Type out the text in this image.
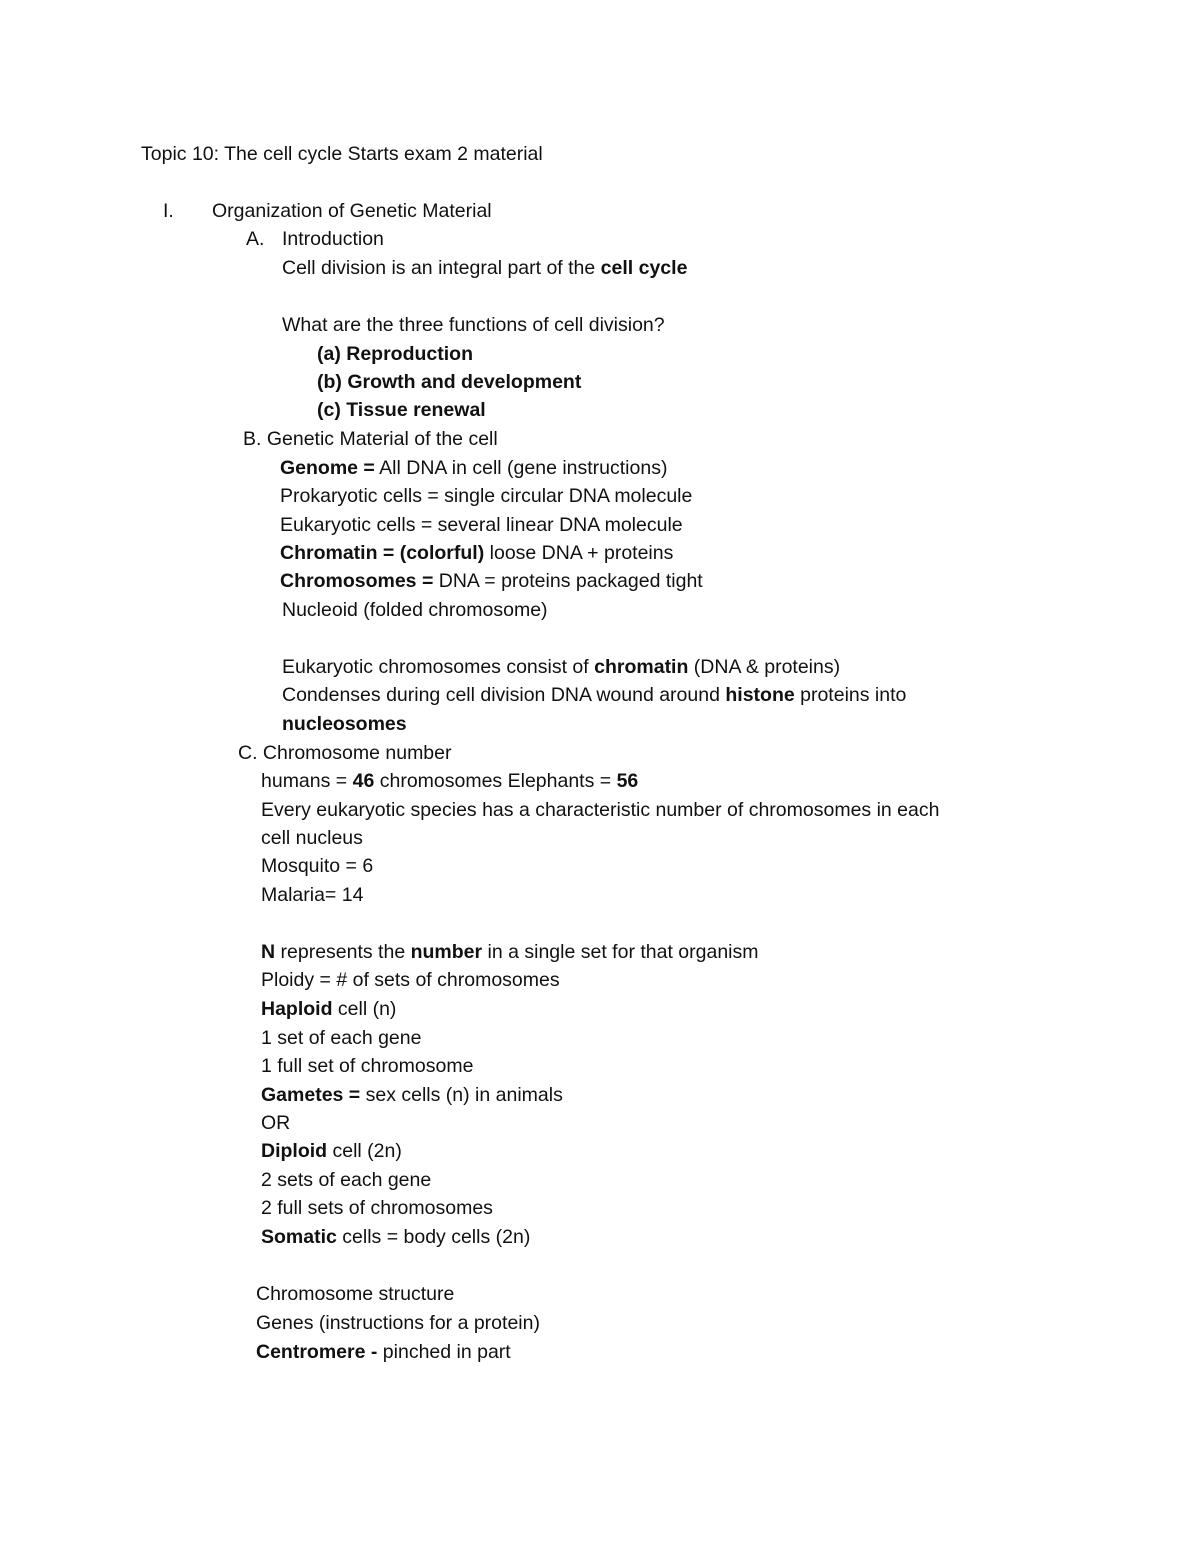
Topic 10: The cell cycle Starts exam 2 material
I. Organization of Genetic Material
A. Introduction
Cell division is an integral part of the cell cycle
What are the three functions of cell division?
(a) Reproduction
(b) Growth and development
(c) Tissue renewal
B. Genetic Material of the cell
Genome = All DNA in cell (gene instructions)
Prokaryotic cells = single circular DNA molecule
Eukaryotic cells = several linear DNA molecule
Chromatin = (colorful) loose DNA + proteins
Chromosomes = DNA = proteins packaged tight
Nucleoid (folded chromosome)
Eukaryotic chromosomes consist of chromatin (DNA & proteins)
Condenses during cell division DNA wound around histone proteins into
nucleosomes
C. Chromosome number
humans = 46 chromosomes Elephants = 56
Every eukaryotic species has a characteristic number of chromosomes in each
cell nucleus
Mosquito = 6
Malaria= 14
N represents the number in a single set for that organism
Ploidy = # of sets of chromosomes
Haploid cell (n)
1 set of each gene
1 full set of chromosome
Gametes = sex cells (n) in animals
OR
Diploid cell (2n)
2 sets of each gene
2 full sets of chromosomes
Somatic cells = body cells (2n)
Chromosome structure
Genes (instructions for a protein)
Centromere - pinched in part
